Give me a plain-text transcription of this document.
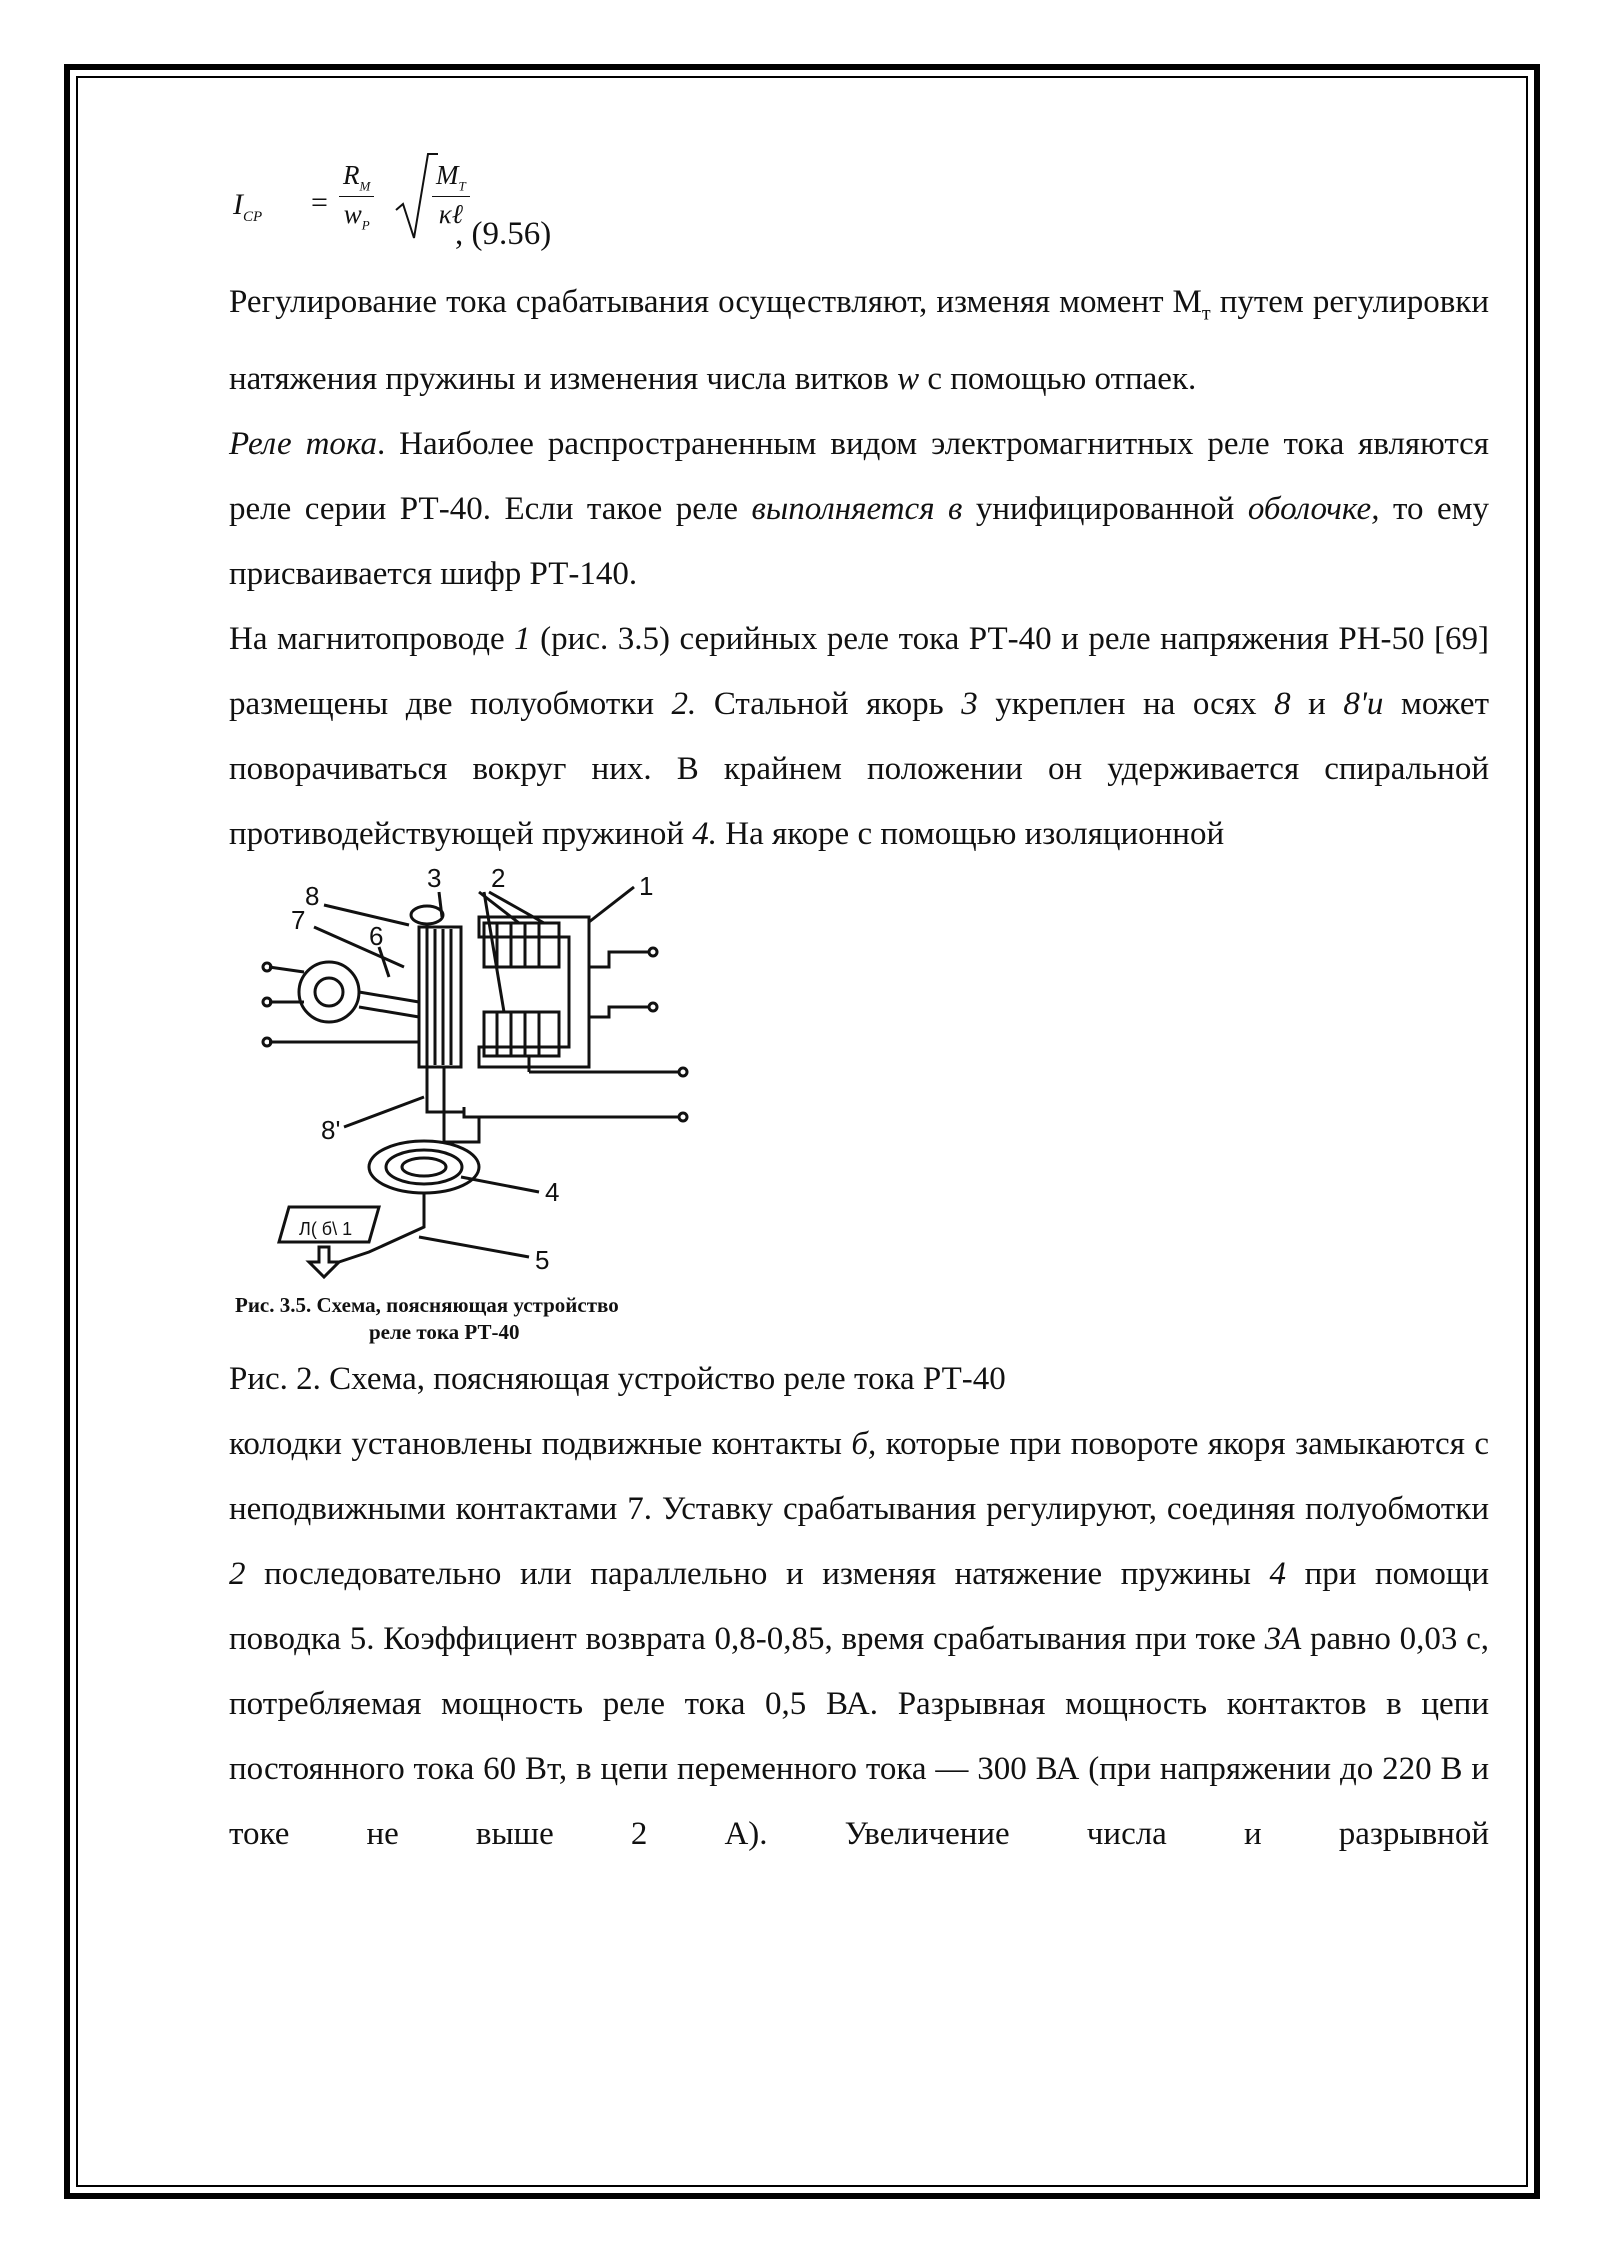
$I_{CP} = \frac{R_M}{w_P} M_T$
κℓ
, (9.56)

Регулирование тока срабатывания осуществляют, изменяя момент $M_т$ путем регулировки натяжения пружины и изменения числа витков w с помощью отпаек.

Реле тока. Наиболее распространенным видом электромагнитных реле тока являются реле серии РТ-40. Если такое реле выполняется в унифицированной оболочке, то ему присваивается шифр РТ-140.

На магнитопроводе 1 (рис. 3.5) серийных реле тока РТ-40 и реле напряжения РН-50 [69] размещены две полуобмотки 2. Стальной якорь 3 укреплен на осях 8 и 8'и может поворачиваться вокруг них. В крайнем положении он удерживается спиральной противодействующей пружиной 4. На якоре с помощью изоляционной

1
2
3
4
5
6
7
8
8'
Л( б\ 1
Рис. 3.5. Схема, поясняющая устройство
реле тока РТ-40

Рис. 2. Схема, поясняющая устройство реле тока РТ-40

колодки установлены подвижные контакты б, которые при повороте якоря замыкаются с неподвижными контактами 7. Уставку срабатывания регулируют, соединяя полуобмотки 2 последовательно или параллельно и изменяя натяжение пружины 4 при помощи поводка 5. Коэффициент возврата 0,8-0,85, время срабатывания при токе 3А равно 0,03 с, потребляемая мощность реле тока 0,5 ВА. Разрывная мощность контактов в цепи постоянного тока 60 Вт, в цепи переменного тока — 300 ВА (при напряжении до 220 В и токе не выше 2 А). Увеличение числа и разрывной
